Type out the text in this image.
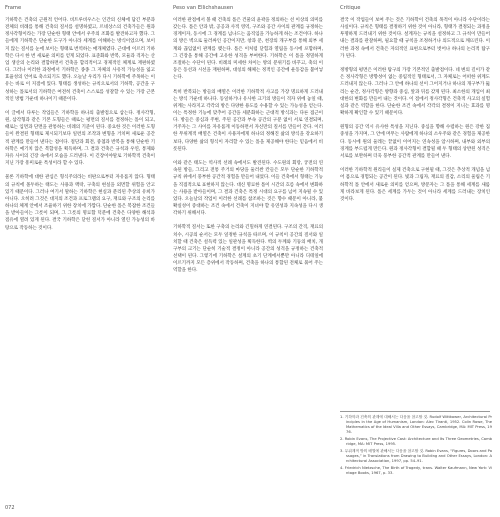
Frame	Peso van Ellichshausen	Critique

기하학은 건축의 근원적 언어다. 비트루비우스는 인간의 신체에 담긴 부분과 전체의 비례를 통해 건축의 질서를 설명하였고, 르네상스의 건축가들은 원과 정사각형이라는 가장 단순한 형태 안에서 우주의 조화를 발견하고자 했다. 그들에게 기하학은 단순한 도구가 아니라 세계를 이해하는 방식이었으며, 보이지 않는 질서를 눈에 보이는 형태로 번역하는 매개체였다. 근대에 이르러 기하학은 다시 한 번 새로운 의미를 얻게 되었다. 표준화와 반복, 모듈과 격자는 산업 생산의 논리와 결합하면서 건축을 합리적이고 경제적인 체계로 재편하였다. 그러나 이러한 과정에서 기하학은 종종 그 자체의 사유적 가능성을 잃고 효율성의 언어로 축소되기도 했다. 오늘날 우리가 다시 기하학에 주목하는 이유는 바로 이 지점에 있다. 형태를 생성하는 규칙으로서의 기하학, 공간을 구성하는 틀로서의 기하학은 여전히 건축이 스스로를 성찰할 수 있는 가장 근본적인 방법 가운데 하나이기 때문이다.

이 글에서 다루는 작업들은 기하학을 하나의 출발점으로 삼는다. 정사각형, 원, 삼각형과 같은 기본 도형들은 때로는 평면의 질서를 결정하는 틀이 되고, 때로는 입면과 단면을 관통하는 비례의 기준이 된다. 중요한 것은 이러한 도형들이 완결된 형태로 제시되기보다 일련의 조작과 변형을 거치며 새로운 공간적 관계를 만들어 낸다는 점이다. 절단과 회전, 중첩과 반복을 통해 단순한 기하학은 예기치 않은 복합성을 획득하며, 그 결과 건축은 규칙과 우연, 통제와 자유 사이의 긴장 속에서 모습을 드러낸다. 이 긴장이야말로 기하학적 건축이 지닌 가장 흥미로운 특성이라 할 수 있다.

물론 기하학에 대한 관심은 형식주의라는 비판으로부터 자유롭지 않다. 형태의 규칙에 몰두하는 태도는 사용과 맥락, 구축의 현실을 외면할 위험을 안고 있기 때문이다. 그러나 여기서 말하는 기하학은 현실과 분리된 추상의 유희가 아니다. 오히려 그것은 대지의 조건과 프로그램의 요구, 재료와 구조의 논리를 하나의 체계 안에서 조율하기 위한 장치에 가깝다. 단순한 틀은 복잡한 조건들을 받아들이는 그릇이 되며, 그 그릇의 명료함 덕분에 건축은 다양한 해석과 점유에 열려 있게 된다. 결국 기하학은 닫힌 질서가 아니라 열린 가능성의 바탕으로 작동하는 것이다.

이러한 관점에서 볼 때 건축의 틀은 건물의 윤곽을 정의하는 선 이상의 의미를 갖는다. 틀은 안과 밖, 공공과 사적 영역, 구조와 공간 사이의 관계를 규정하는 경계이자, 동시에 그 경계를 넘나드는 움직임을 가능하게 하는 조건이다. 하나의 방은 벽으로 둘러싸인 공간이지만, 창과 문, 천장의 개구부를 통해 외부 세계와 끊임없이 관계를 맺는다. 틀은 이처럼 닫힘과 열림을 동시에 포함하며, 그 긴장을 통해 공간에 고유한 성격을 부여한다. 기하학은 이 틀을 정밀하게 조절하는 수단이 된다. 비례의 미세한 차이는 방의 분위기를 바꾸고, 축의 이동은 동선과 시선을 재편하며, 대칭의 해체는 정적인 공간에 운동감을 불어넣는다.

특히 반복되는 방들의 배열은 이러한 기하학적 사고를 가장 명료하게 드러내는 방식 가운데 하나다. 동일하거나 유사한 크기의 방들이 격자 위에 놓일 때, 위계는 사라지고 각각의 방은 다양한 용도를 수용할 수 있는 가능성을 얻는다. 이는 특정한 기능에 맞추어 공간을 세분화하는 근대적 방식과는 다른 접근이다. 방들은 중심과 주변, 주된 공간과 부속 공간의 구분 없이 서로 연결되며, 거주자는 그 사이를 자유롭게 이동하면서 자신만의 질서를 만들어 간다. 이러한 무위계적 배열은 건축이 사용자에게 하나의 정해진 삶의 방식을 강요하기보다, 다양한 삶의 형식이 자리할 수 있는 틀을 제공해야 한다는 믿음에서 비롯된다.

이와 같은 태도는 역사적 선례 속에서도 발견된다. 수도원의 회랑, 궁전의 연속된 방들, 그리고 전통 주거의 마당을 둘러싼 칸들은 모두 단순한 기하학적 규칙 위에서 풍부한 공간적 경험을 만들어 내었다. 이들 건축에서 형태는 기능을 직접적으로 표현하지 않는다. 대신 명료한 틀이 시간의 흐름 속에서 변화하는 사용을 받아들이며, 그 결과 건축은 특정 시대의 요구를 넘어 지속될 수 있었다. 오늘날의 작업이 이러한 선례를 참조하는 것은 향수 때문이 아니라, 불확실성이 증대하는 조건 속에서 건축이 지녀야 할 유연성과 지속성을 다시 생각하기 위해서다.

기하학적 질서는 또한 구축의 논리와 긴밀하게 연결된다. 구조의 간격, 재료의 치수, 시공의 순서는 모두 일정한 규칙을 따르며, 이 규칙이 공간의 질서와 일치할 때 건축은 설득력 있는 일관성을 획득한다. 벽의 두께와 기둥의 배치, 개구부의 크기는 단순히 기술적 결정이 아니라 공간의 성격을 규정하는 건축적 선택이 된다. 그렇기에 기하학은 설계의 초기 단계에서뿐만 아니라 디테일에 이르기까지 모든 층위에서 작동하며, 건축을 하나의 통합된 전체로 묶어 주는 역할을 한다.

결국 이 작업들이 보여 주는 것은 기하학이 건축의 목적이 아니라 수단이라는 사실이다. 규칙은 형태를 결정하기 위한 것이 아니라, 형태가 결정되는 과정을 투명하게 드러내기 위한 것이다. 설계자는 규칙을 설정하고 그 규칙이 만들어 내는 결과를 관찰하며, 필요할 때 규칙을 조정하거나 의도적으로 깨뜨린다. 이러한 과정 속에서 건축은 자의적인 표현으로부터 벗어나 하나의 논리적 탐구가 된다.

정방형의 평면은 이러한 탐구의 가장 기본적인 출발점이다. 네 변의 길이가 같은 정사각형은 방향성이 없는 중립적인 형태로서, 그 자체로는 어떠한 위계도 드러내지 않는다. 그러나 그 안에 하나의 선이 그어지거나 하나의 개구부가 뚫리는 순간, 정사각형은 방향과 중심, 앞과 뒤를 갖게 된다. 최소한의 개입이 최대한의 변화를 만들어 내는 것이다. 이 점에서 정사각형은 건축적 사고의 실험실과 같은 역할을 한다. 단순한 조건 속에서 각각의 결정이 지니는 효과를 명확하게 확인할 수 있기 때문이다.

원형의 공간 역시 유사한 특성을 지닌다. 중심을 향해 수렴하는 원은 강한 집중성을 가지며, 그 안에 머무는 사람에게 하나의 소우주와 같은 경험을 제공한다. 동시에 원의 둘레는 끝없이 이어지는 연속성을 암시하며, 내부와 외부의 경계를 부드럽게 만든다. 원과 정사각형이 결합될 때 두 형태의 상반된 성격은 서로를 보완하며 더욱 풍부한 공간적 관계를 만들어 낸다.

이러한 기하학적 원리들이 실제 건축으로 구현될 때, 그것은 추상적 개념을 넘어 몸으로 경험되는 공간이 된다. 빛과 그림자, 재료의 질감, 소리의 울림은 기하학적 틀 안에서 새로운 의미를 얻으며, 방문자는 그 틀을 통해 세계를 새롭게 바라보게 된다. 틀은 세계를 가두는 것이 아니라 세계를 드러내는 장치인 것이다.

1. 기하학과 건축의 관계에 대해서는 다음을 참고할 것. Rudolf Wittkower, Architectural Principles in the Age of Humanism, London: Alec Tiranti, 1952. Colin Rowe, The Mathematics of the Ideal Villa and Other Essays, Cambridge, MA: MIT Press, 1976.

2. Robin Evans, The Projective Cast: Architecture and Its Three Geometries, Cambridge, MA: MIT Press, 1995.

3. 무위계적 방의 배열에 관해서는 다음을 참고할 것. Robin Evans, “Figures, Doors and Passages,” in Translations from Drawing to Building and Other Essays, London: Architectural Association, 1997, pp. 54–91.

4. Friedrich Nietzsche, The Birth of Tragedy, trans. Walter Kaufmann, New York: Vintage Books, 1967, p. 33.

072
